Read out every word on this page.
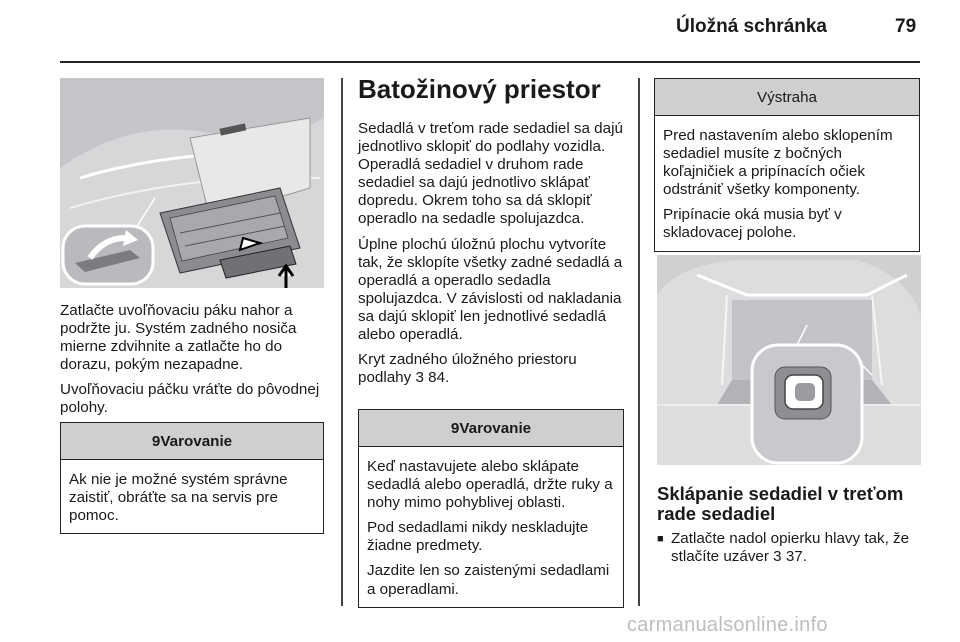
Úložná schránka	79

Zatlačte uvoľňovaciu páku nahor a podržte ju. Systém zadného nosiča mierne zdvihnite a zatlačte ho do dorazu, pokým nezapadne.

Uvoľňovaciu páčku vráťte do pôvodnej polohy.

9Varovanie

Ak nie je možné systém správne zaistiť, obráťte sa na servis pre pomoc.

Batožinový priestor

Sedadlá v treťom rade sedadiel sa dajú jednotlivo sklopiť do podlahy vozidla. Operadlá sedadiel v druhom rade sedadiel sa dajú jednotlivo sklápať dopredu. Okrem toho sa dá sklopiť operadlo na sedadle spolujazdca.

Úplne plochú úložnú plochu vytvoríte tak, že sklopíte všetky zadné sedadlá a operadlá a operadlo sedadla spolujazdca. V závislosti od nakladania sa dajú sklopiť len jednotlivé sedadlá alebo operadlá.

Kryt zadného úložného priestoru podlahy 3 84.

9Varovanie

Keď nastavujete alebo sklápate sedadlá alebo operadlá, držte ruky a nohy mimo pohyblivej oblasti.

Pod sedadlami nikdy neskladujte žiadne predmety.

Jazdite len so zaistenými sedadlami a operadlami.

Výstraha

Pred nastavením alebo sklopením sedadiel musíte z bočných koľajničiek a pripínacích očiek odstrániť všetky komponenty.

Pripínacie oká musia byť v skladovacej polohe.

Sklápanie sedadiel v treťom rade sedadiel
■ Zatlačte nadol opierku hlavy tak, že stlačíte uzáver 3 37.
carmanualsonline.info
